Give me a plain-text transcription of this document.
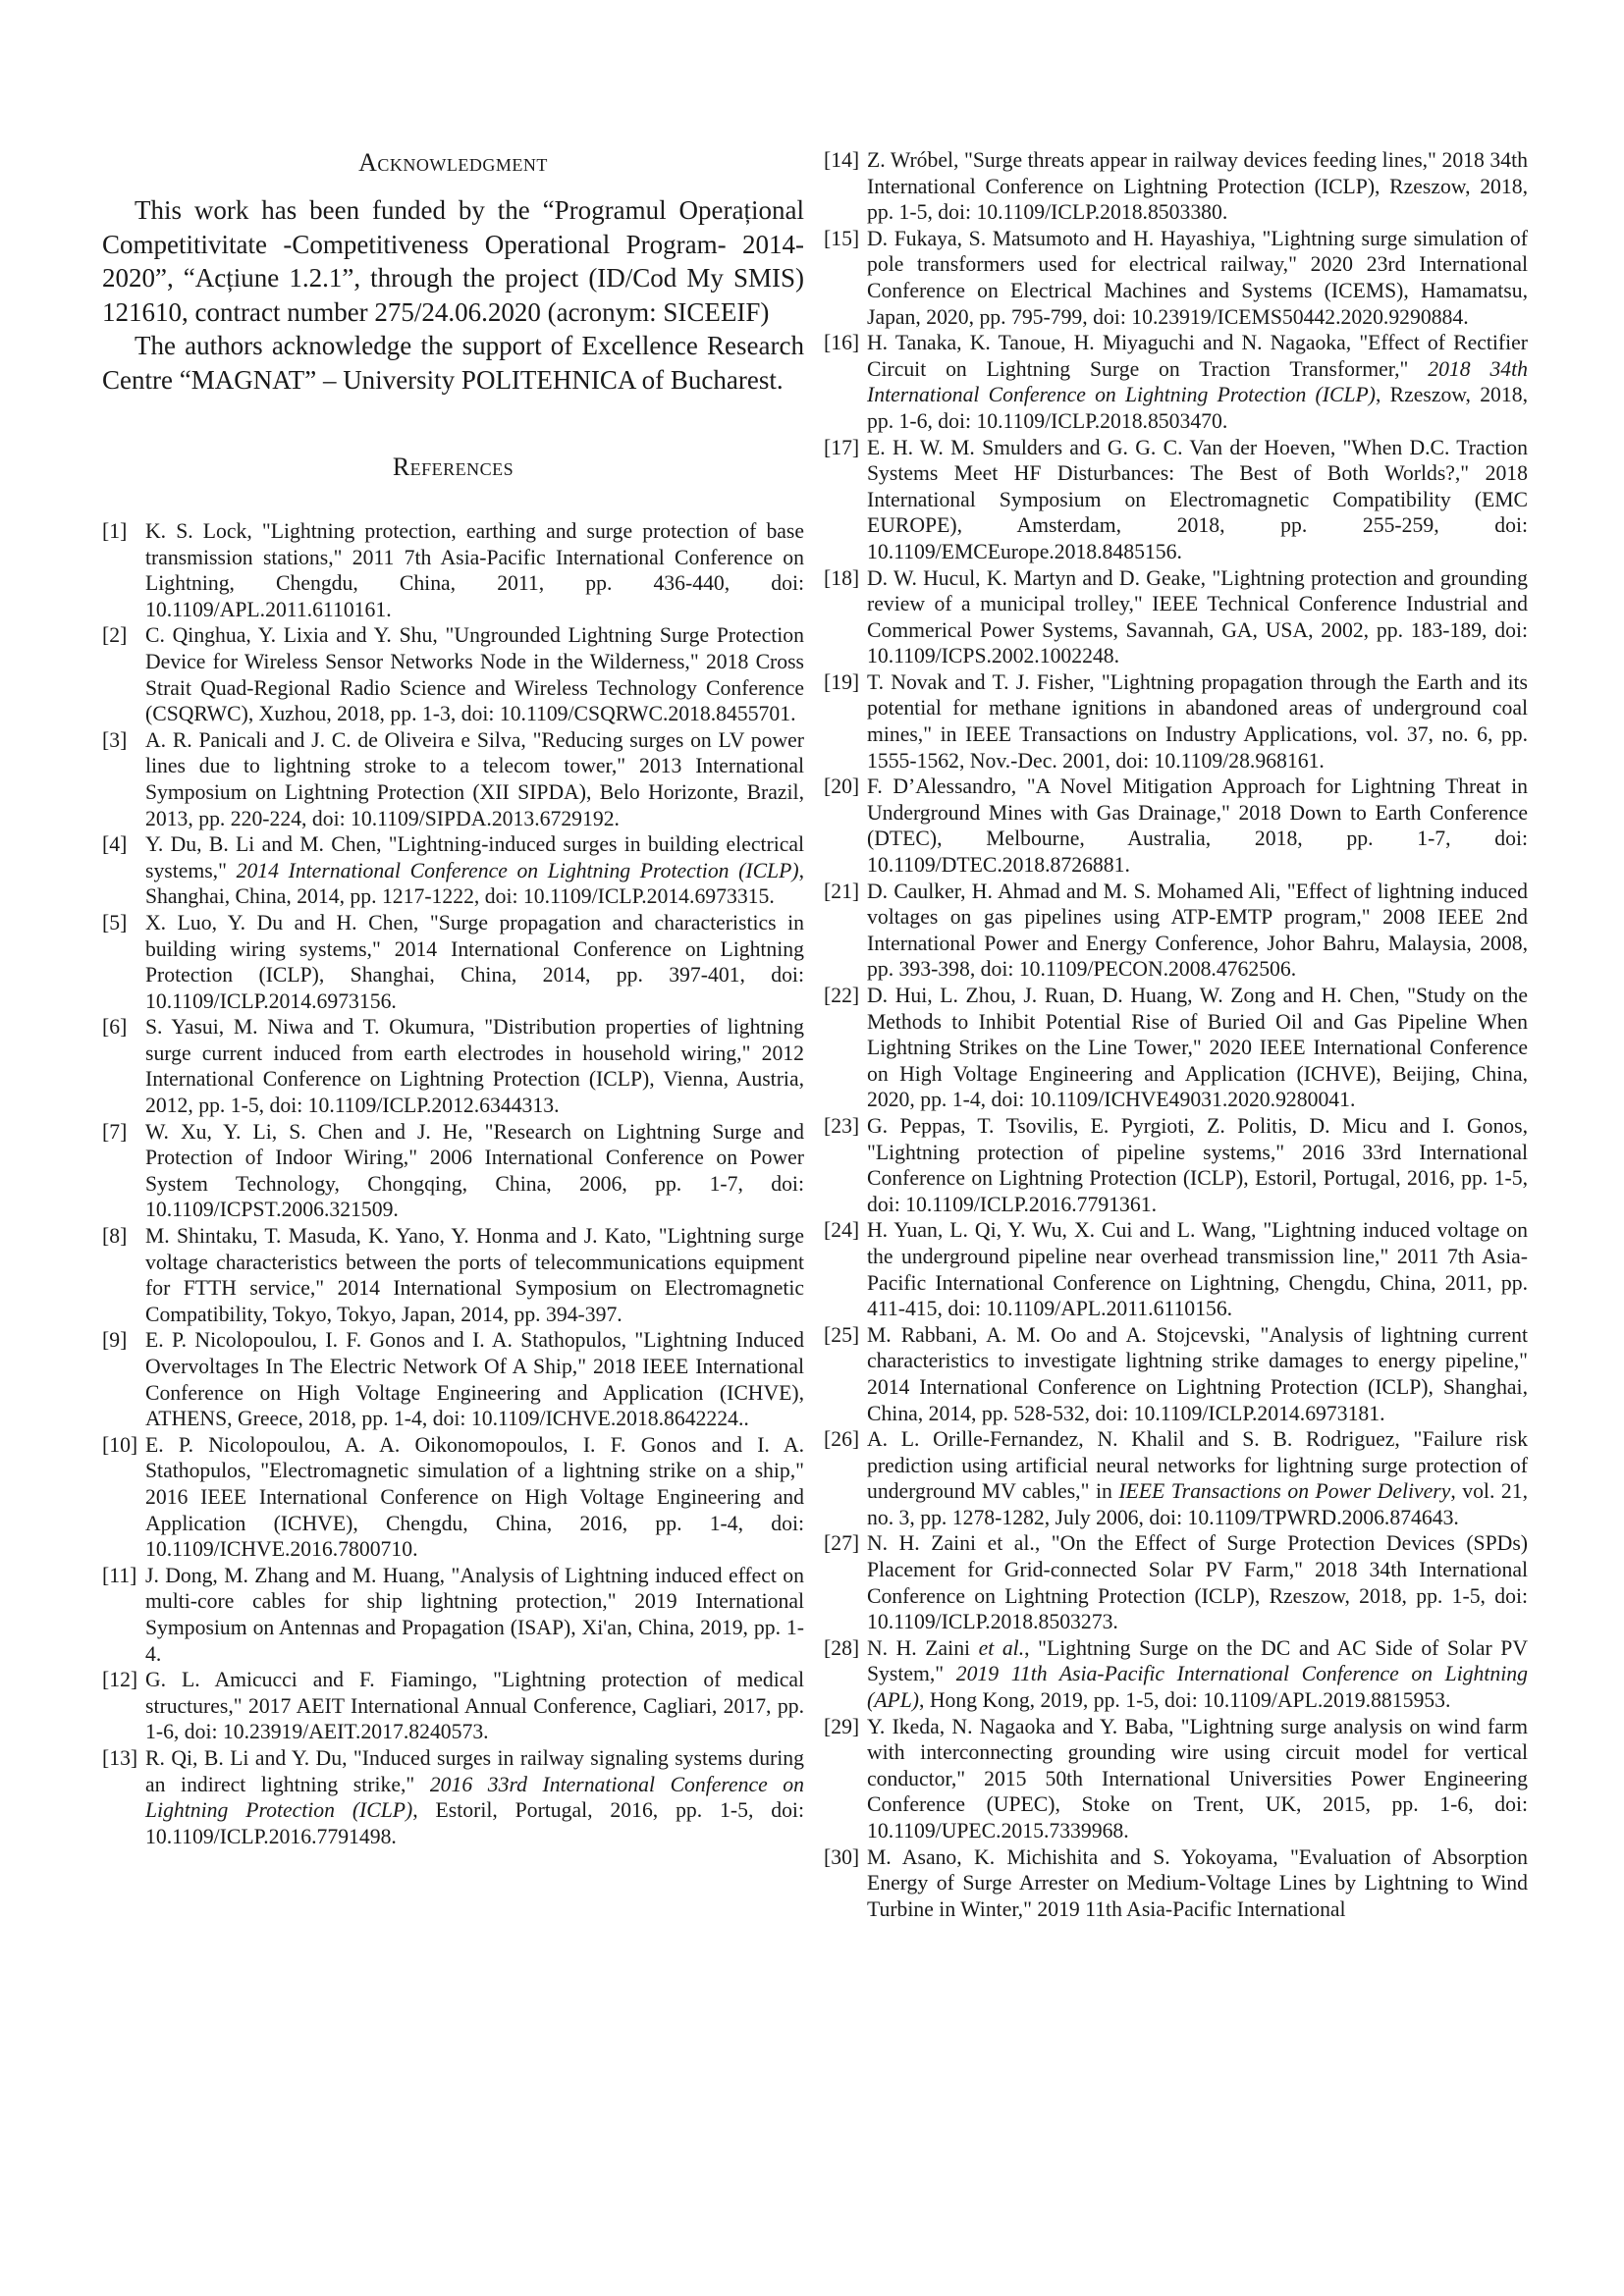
Acknowledgment

This work has been funded by the “Programul Operațional Competitivitate -Competitiveness Operational Program- 2014-2020”, “Acțiune 1.2.1”, through the project (ID/Cod My SMIS) 121610, contract number 275/24.06.2020 (acronym: SICEEIF)

The authors acknowledge the support of Excellence Research Centre “MAGNAT” – University POLITEHNICA of Bucharest.

References
[1] K. S. Lock, "Lightning protection, earthing and surge protection of base transmission stations," 2011 7th Asia-Pacific International Conference on Lightning, Chengdu, China, 2011, pp. 436-440, doi: 10.1109/APL.2011.6110161.
[2] C. Qinghua, Y. Lixia and Y. Shu, "Ungrounded Lightning Surge Protection Device for Wireless Sensor Networks Node in the Wilderness," 2018 Cross Strait Quad-Regional Radio Science and Wireless Technology Conference (CSQRWC), Xuzhou, 2018, pp. 1-3, doi: 10.1109/CSQRWC.2018.8455701.
[3] A. R. Panicali and J. C. de Oliveira e Silva, "Reducing surges on LV power lines due to lightning stroke to a telecom tower," 2013 International Symposium on Lightning Protection (XII SIPDA), Belo Horizonte, Brazil, 2013, pp. 220-224, doi: 10.1109/SIPDA.2013.6729192.
[4] Y. Du, B. Li and M. Chen, "Lightning-induced surges in building electrical systems," 2014 International Conference on Lightning Protection (ICLP), Shanghai, China, 2014, pp. 1217-1222, doi: 10.1109/ICLP.2014.6973315.
[5] X. Luo, Y. Du and H. Chen, "Surge propagation and characteristics in building wiring systems," 2014 International Conference on Lightning Protection (ICLP), Shanghai, China, 2014, pp. 397-401, doi: 10.1109/ICLP.2014.6973156.
[6] S. Yasui, M. Niwa and T. Okumura, "Distribution properties of lightning surge current induced from earth electrodes in household wiring," 2012 International Conference on Lightning Protection (ICLP), Vienna, Austria, 2012, pp. 1-5, doi: 10.1109/ICLP.2012.6344313.
[7] W. Xu, Y. Li, S. Chen and J. He, "Research on Lightning Surge and Protection of Indoor Wiring," 2006 International Conference on Power System Technology, Chongqing, China, 2006, pp. 1-7, doi: 10.1109/ICPST.2006.321509.
[8] M. Shintaku, T. Masuda, K. Yano, Y. Honma and J. Kato, "Lightning surge voltage characteristics between the ports of telecommunications equipment for FTTH service," 2014 International Symposium on Electromagnetic Compatibility, Tokyo, Tokyo, Japan, 2014, pp. 394-397.
[9] E. P. Nicolopoulou, I. F. Gonos and I. A. Stathopulos, "Lightning Induced Overvoltages In The Electric Network Of A Ship," 2018 IEEE International Conference on High Voltage Engineering and Application (ICHVE), ATHENS, Greece, 2018, pp. 1-4, doi: 10.1109/ICHVE.2018.8642224..
[10] E. P. Nicolopoulou, A. A. Oikonomopoulos, I. F. Gonos and I. A. Stathopulos, "Electromagnetic simulation of a lightning strike on a ship," 2016 IEEE International Conference on High Voltage Engineering and Application (ICHVE), Chengdu, China, 2016, pp. 1-4, doi: 10.1109/ICHVE.2016.7800710.
[11] J. Dong, M. Zhang and M. Huang, "Analysis of Lightning induced effect on multi-core cables for ship lightning protection," 2019 International Symposium on Antennas and Propagation (ISAP), Xi'an, China, 2019, pp. 1-4.
[12] G. L. Amicucci and F. Fiamingo, "Lightning protection of medical structures," 2017 AEIT International Annual Conference, Cagliari, 2017, pp. 1-6, doi: 10.23919/AEIT.2017.8240573.
[13] R. Qi, B. Li and Y. Du, "Induced surges in railway signaling systems during an indirect lightning strike," 2016 33rd International Conference on Lightning Protection (ICLP), Estoril, Portugal, 2016, pp. 1-5, doi: 10.1109/ICLP.2016.7791498.
[14] Z. Wróbel, "Surge threats appear in railway devices feeding lines," 2018 34th International Conference on Lightning Protection (ICLP), Rzeszow, 2018, pp. 1-5, doi: 10.1109/ICLP.2018.8503380.
[15] D. Fukaya, S. Matsumoto and H. Hayashiya, "Lightning surge simulation of pole transformers used for electrical railway," 2020 23rd International Conference on Electrical Machines and Systems (ICEMS), Hamamatsu, Japan, 2020, pp. 795-799, doi: 10.23919/ICEMS50442.2020.9290884.
[16] H. Tanaka, K. Tanoue, H. Miyaguchi and N. Nagaoka, "Effect of Rectifier Circuit on Lightning Surge on Traction Transformer," 2018 34th International Conference on Lightning Protection (ICLP), Rzeszow, 2018, pp. 1-6, doi: 10.1109/ICLP.2018.8503470.
[17] E. H. W. M. Smulders and G. G. C. Van der Hoeven, "When D.C. Traction Systems Meet HF Disturbances: The Best of Both Worlds?," 2018 International Symposium on Electromagnetic Compatibility (EMC EUROPE), Amsterdam, 2018, pp. 255-259, doi: 10.1109/EMCEurope.2018.8485156.
[18] D. W. Hucul, K. Martyn and D. Geake, "Lightning protection and grounding review of a municipal trolley," IEEE Technical Conference Industrial and Commerical Power Systems, Savannah, GA, USA, 2002, pp. 183-189, doi: 10.1109/ICPS.2002.1002248.
[19] T. Novak and T. J. Fisher, "Lightning propagation through the Earth and its potential for methane ignitions in abandoned areas of underground coal mines," in IEEE Transactions on Industry Applications, vol. 37, no. 6, pp. 1555-1562, Nov.-Dec. 2001, doi: 10.1109/28.968161.
[20] F. D’Alessandro, "A Novel Mitigation Approach for Lightning Threat in Underground Mines with Gas Drainage," 2018 Down to Earth Conference (DTEC), Melbourne, Australia, 2018, pp. 1-7, doi: 10.1109/DTEC.2018.8726881.
[21] D. Caulker, H. Ahmad and M. S. Mohamed Ali, "Effect of lightning induced voltages on gas pipelines using ATP-EMTP program," 2008 IEEE 2nd International Power and Energy Conference, Johor Bahru, Malaysia, 2008, pp. 393-398, doi: 10.1109/PECON.2008.4762506.
[22] D. Hui, L. Zhou, J. Ruan, D. Huang, W. Zong and H. Chen, "Study on the Methods to Inhibit Potential Rise of Buried Oil and Gas Pipeline When Lightning Strikes on the Line Tower," 2020 IEEE International Conference on High Voltage Engineering and Application (ICHVE), Beijing, China, 2020, pp. 1-4, doi: 10.1109/ICHVE49031.2020.9280041.
[23] G. Peppas, T. Tsovilis, E. Pyrgioti, Z. Politis, D. Micu and I. Gonos, "Lightning protection of pipeline systems," 2016 33rd International Conference on Lightning Protection (ICLP), Estoril, Portugal, 2016, pp. 1-5, doi: 10.1109/ICLP.2016.7791361.
[24] H. Yuan, L. Qi, Y. Wu, X. Cui and L. Wang, "Lightning induced voltage on the underground pipeline near overhead transmission line," 2011 7th Asia-Pacific International Conference on Lightning, Chengdu, China, 2011, pp. 411-415, doi: 10.1109/APL.2011.6110156.
[25] M. Rabbani, A. M. Oo and A. Stojcevski, "Analysis of lightning current characteristics to investigate lightning strike damages to energy pipeline," 2014 International Conference on Lightning Protection (ICLP), Shanghai, China, 2014, pp. 528-532, doi: 10.1109/ICLP.2014.6973181.
[26] A. L. Orille-Fernandez, N. Khalil and S. B. Rodriguez, "Failure risk prediction using artificial neural networks for lightning surge protection of underground MV cables," in IEEE Transactions on Power Delivery, vol. 21, no. 3, pp. 1278-1282, July 2006, doi: 10.1109/TPWRD.2006.874643.
[27] N. H. Zaini et al., "On the Effect of Surge Protection Devices (SPDs) Placement for Grid-connected Solar PV Farm," 2018 34th International Conference on Lightning Protection (ICLP), Rzeszow, 2018, pp. 1-5, doi: 10.1109/ICLP.2018.8503273.
[28] N. H. Zaini et al., "Lightning Surge on the DC and AC Side of Solar PV System," 2019 11th Asia-Pacific International Conference on Lightning (APL), Hong Kong, 2019, pp. 1-5, doi: 10.1109/APL.2019.8815953.
[29] Y. Ikeda, N. Nagaoka and Y. Baba, "Lightning surge analysis on wind farm with interconnecting grounding wire using circuit model for vertical conductor," 2015 50th International Universities Power Engineering Conference (UPEC), Stoke on Trent, UK, 2015, pp. 1-6, doi: 10.1109/UPEC.2015.7339968.
[30] M. Asano, K. Michishita and S. Yokoyama, "Evaluation of Absorption Energy of Surge Arrester on Medium-Voltage Lines by Lightning to Wind Turbine in Winter," 2019 11th Asia-Pacific International
